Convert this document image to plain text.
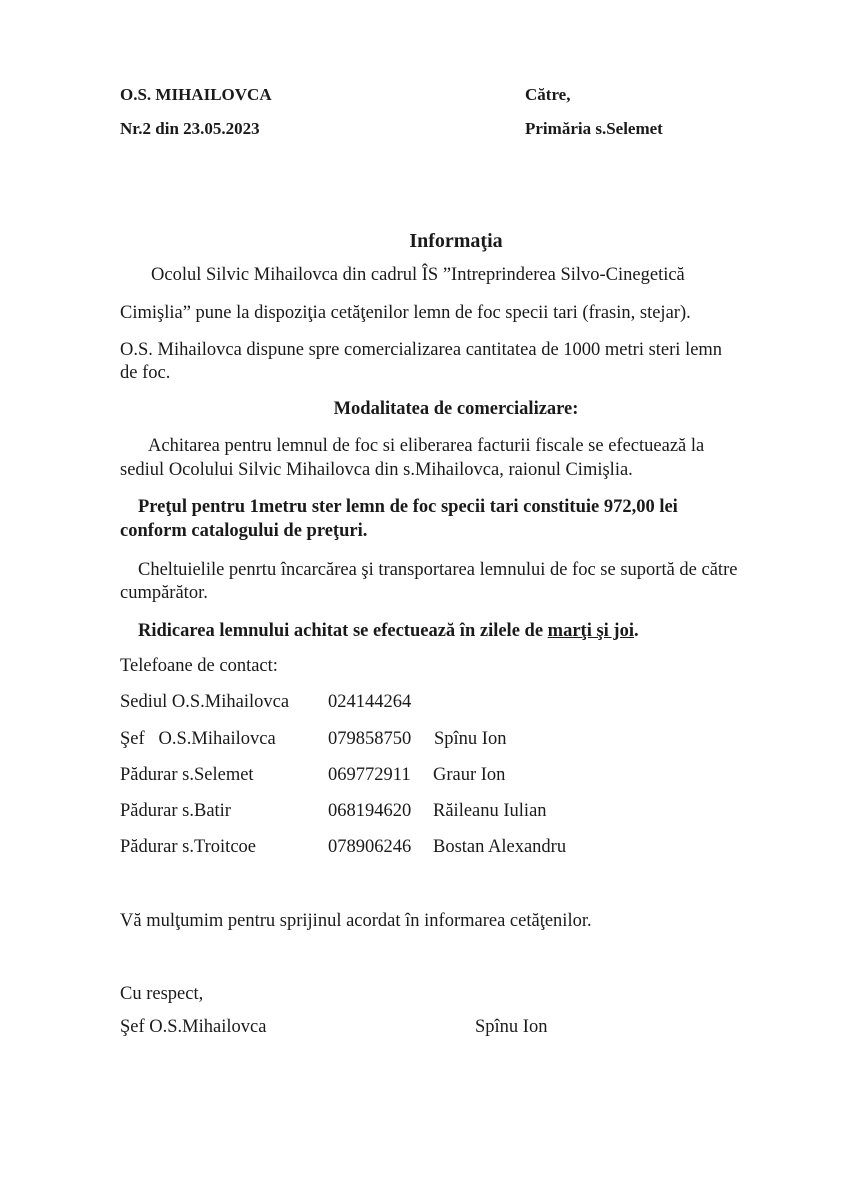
O.S. MIHAILOVCA
Nr.2 din 23.05.2023
Către,
Primăria s.Selemet
Informaţia
Ocolul Silvic Mihailovca din cadrul ÎS ”Intreprinderea Silvo-Cinegetică
Cimişlia” pune la dispoziţia cetăţenilor lemn de foc specii tari (frasin, stejar).
O.S. Mihailovca dispune spre comercializarea cantitatea de 1000 metri steri lemn
de foc.
Modalitatea de comercializare:
Achitarea pentru lemnul de foc si eliberarea facturii fiscale se efectuează la
sediul Ocolului Silvic Mihailovca din s.Mihailovca, raionul Cimişlia.
Preţul pentru 1metru ster lemn de foc specii tari constituie 972,00 lei
conform catalogului de preţuri.
Cheltuielile penrtu încarcărea şi transportarea lemnului de foc se suportă de către
cumpărător.
Ridicarea lemnului achitat se efectuează în zilele de marţi şi joi.
Telefoane de contact:
Sediul O.S.Mihailovca 024144264
Şef   O.S.Mihailovca	079858750 Spînu Ion
Pădurar s.Selemet	069772911 Graur Ion
Pădurar s.Batir	068194620 Răileanu Iulian
Pădurar s.Troitcoe	078906246 Bostan Alexandru
Vă mulţumim pentru sprijinul acordat în informarea cetăţenilor.
Cu respect,
Şef O.S.Mihailovca	Spînu Ion
